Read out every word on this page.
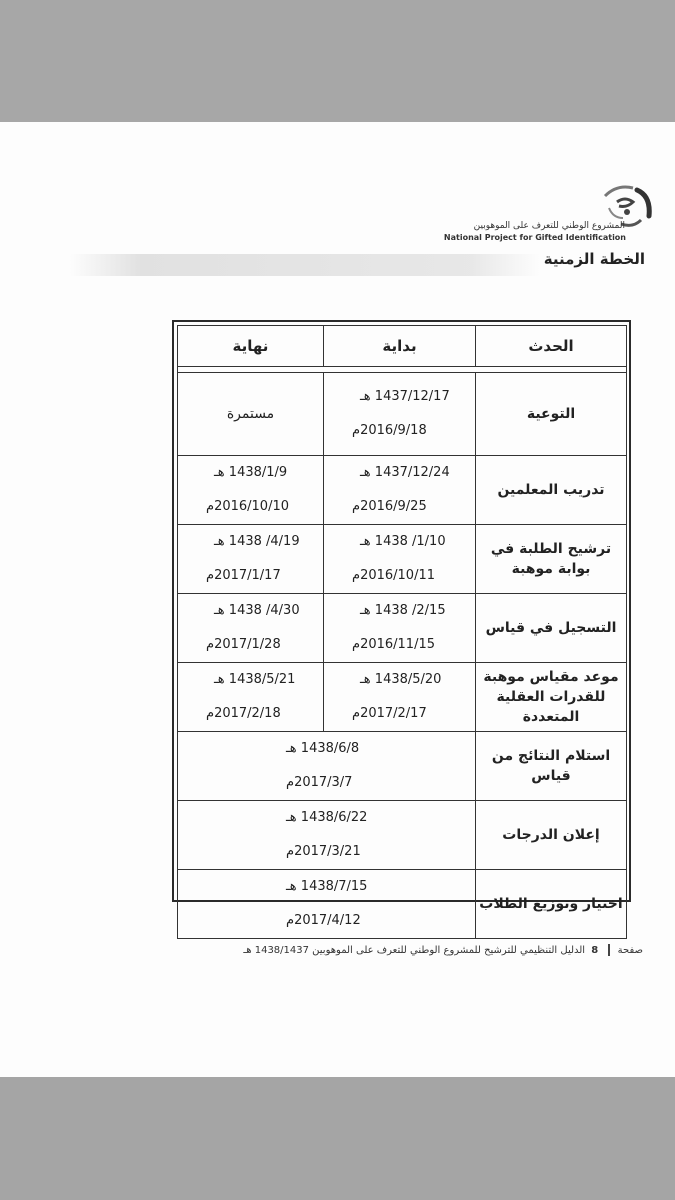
المشروع الوطني للتعرف على الموهوبين
National Project for Gifted Identification
الخطة الزمنية
الحدث	بداية	نهاية

التوعية	1437/12/17 هـ
2016/9/18م	مستمرة
تدريب المعلمين	1437/12/24 هـ
2016/9/25م	1438/1/9 هـ
2016/10/10م

ترشيح الطلبة في بوابة موهبة	1/10/ 1438 هـ
2016/10/11م	4/19/ 1438 هـ
2017/1/17م

التسجيل في قياس	2/15/ 1438 هـ
2016/11/15م	4/30/ 1438 هـ
2017/1/28م

موعد مقياس موهبة للقدرات العقلية المتعددة	1438/5/20 هـ
2017/2/17م	1438/5/21 هـ
2017/2/18م

استلام النتائج من قياس	1438/6/8 هـ
2017/3/7م	

إعلان الدرجات	1438/6/22 هـ
2017/3/21م	

اختيار وتوزيع الطلاب	1438/7/15 هـ
2017/4/12م	
صفحة  8 الدليل التنظيمي للترشيح للمشروع الوطني للتعرف على الموهوبين 1438/1437 هـ
